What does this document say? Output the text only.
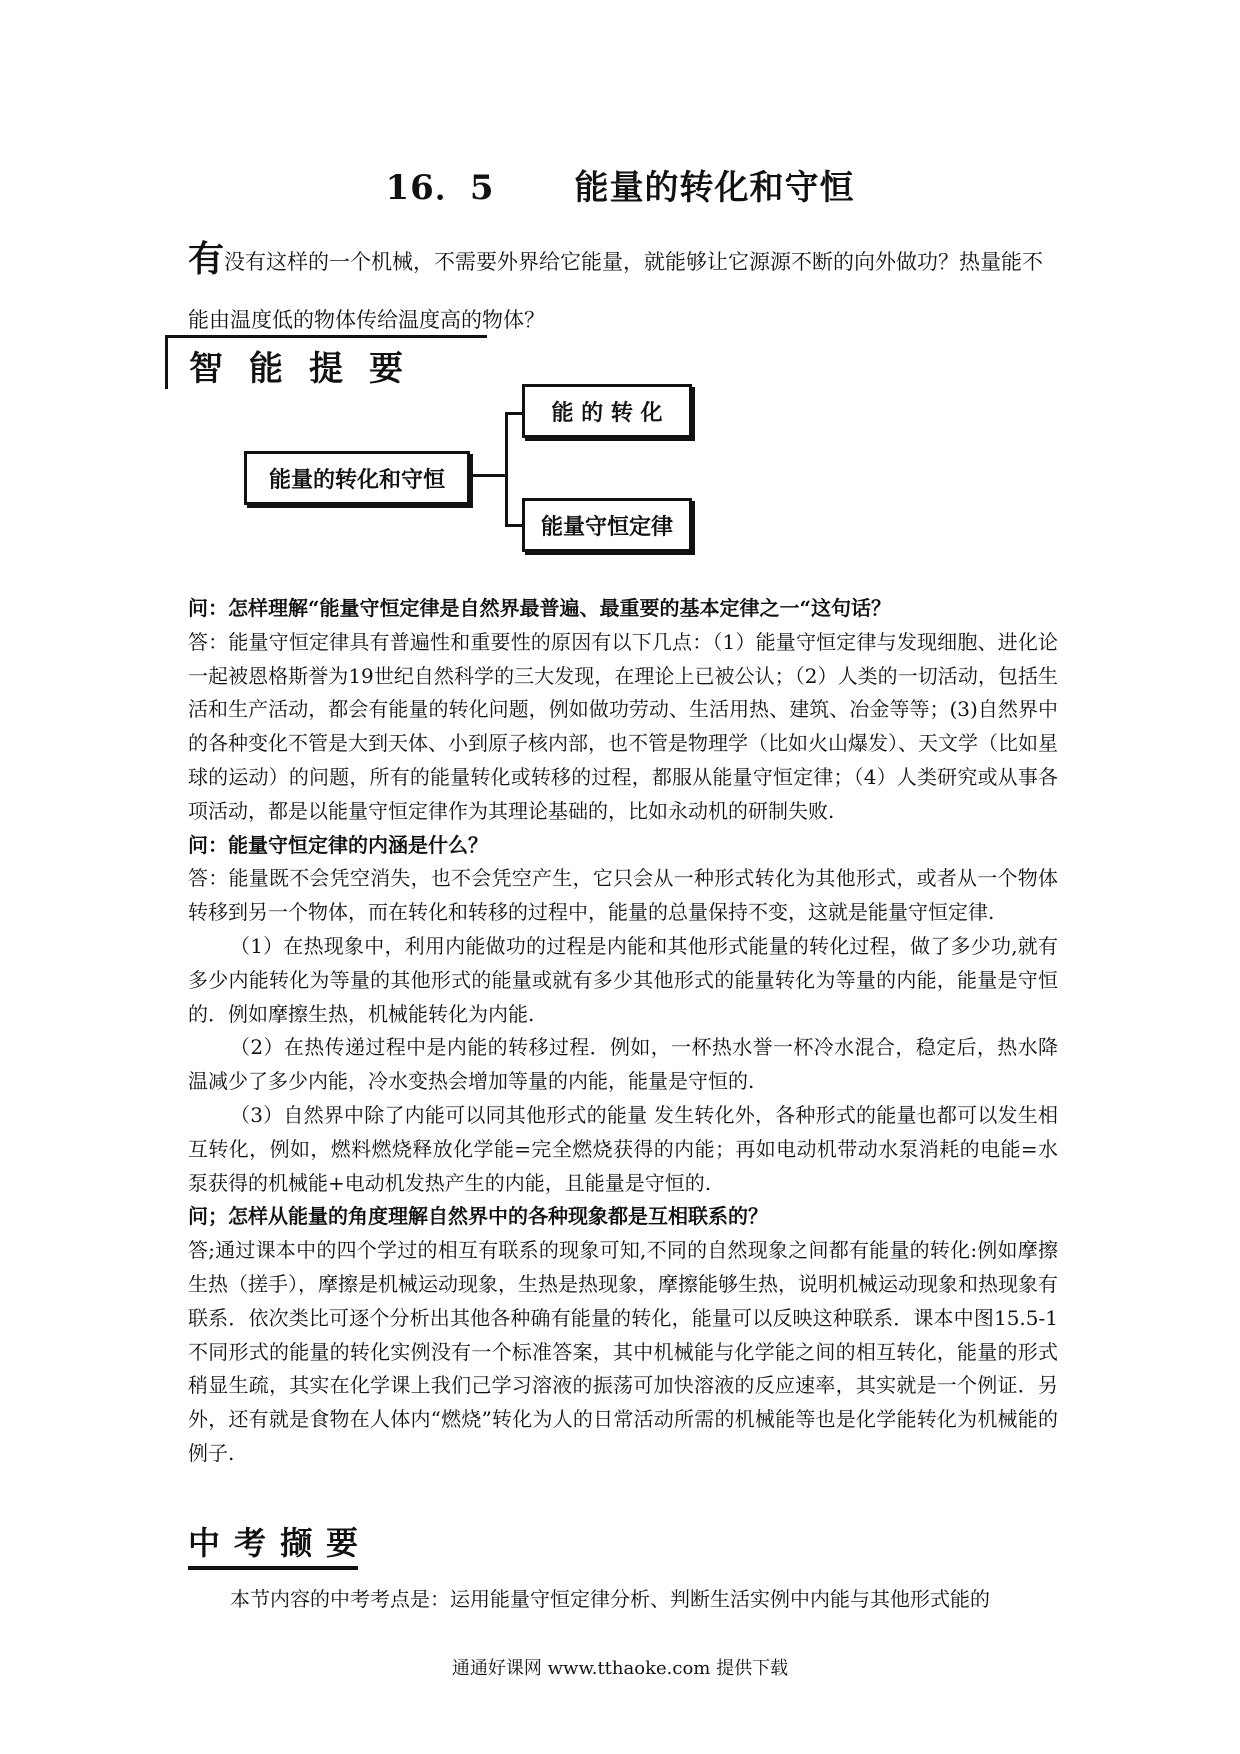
16．5 能量的转化和守恒
有没有这样的一个机械，不需要外界给它能量，就能够让它源源不断的向外做功？热量能不能由温度低的物体传给温度高的物体？
智能提要
能量的转化和守恒
能 的 转 化
能量守恒定律

问：怎样理解“能量守恒定律是自然界最普遍、最重要的基本定律之一“这句话？

答：能量守恒定律具有普遍性和重要性的原因有以下几点：（1）能量守恒定律与发现细胞、进化论一起被恩格斯誉为19世纪自然科学的三大发现，在理论上已被公认；（2）人类的一切活动，包括生活和生产活动，都会有能量的转化问题，例如做功劳动、生活用热、建筑、冶金等等；(3)自然界中的各种变化不管是大到天体、小到原子核内部，也不管是物理学（比如火山爆发）、天文学（比如星球的运动）的问题，所有的能量转化或转移的过程，都服从能量守恒定律；（4）人类研究或从事各项活动，都是以能量守恒定律作为其理论基础的，比如永动机的研制失败.

问：能量守恒定律的内涵是什么？

答：能量既不会凭空消失，也不会凭空产生，它只会从一种形式转化为其他形式，或者从一个物体转移到另一个物体，而在转化和转移的过程中，能量的总量保持不变，这就是能量守恒定律.

（1）在热现象中，利用内能做功的过程是内能和其他形式能量的转化过程，做了多少功,就有多少内能转化为等量的其他形式的能量或就有多少其他形式的能量转化为等量的内能，能量是守恒的．例如摩擦生热，机械能转化为内能.

（2）在热传递过程中是内能的转移过程．例如，一杯热水誉一杯冷水混合，稳定后，热水降温减少了多少内能，冷水变热会增加等量的内能，能量是守恒的.

（3）自然界中除了内能可以同其他形式的能量 发生转化外，各种形式的能量也都可以发生相互转化，例如，燃料燃烧释放化学能=完全燃烧获得的内能；再如电动机带动水泵消耗的电能=水泵获得的机械能+电动机发热产生的内能，且能量是守恒的.

问；怎样从能量的角度理解自然界中的各种现象都是互相联系的？

答;通过课本中的四个学过的相互有联系的现象可知,不同的自然现象之间都有能量的转化:例如摩擦生热（搓手），摩擦是机械运动现象，生热是热现象，摩擦能够生热，说明机械运动现象和热现象有联系．依次类比可逐个分析出其他各种确有能量的转化，能量可以反映这种联系．课本中图15.5-1不同形式的能量的转化实例没有一个标准答案，其中机械能与化学能之间的相互转化，能量的形式稍显生疏，其实在化学课上我们己学习溶液的振荡可加快溶液的反应速率，其实就是一个例证．另外，还有就是食物在人体内“燃烧”转化为人的日常活动所需的机械能等也是化学能转化为机械能的例子.

中考撷要
本节内容的中考考点是：运用能量守恒定律分析、判断生活实例中内能与其他形式能的
通通好课网 www.tthaoke.com 提供下载
